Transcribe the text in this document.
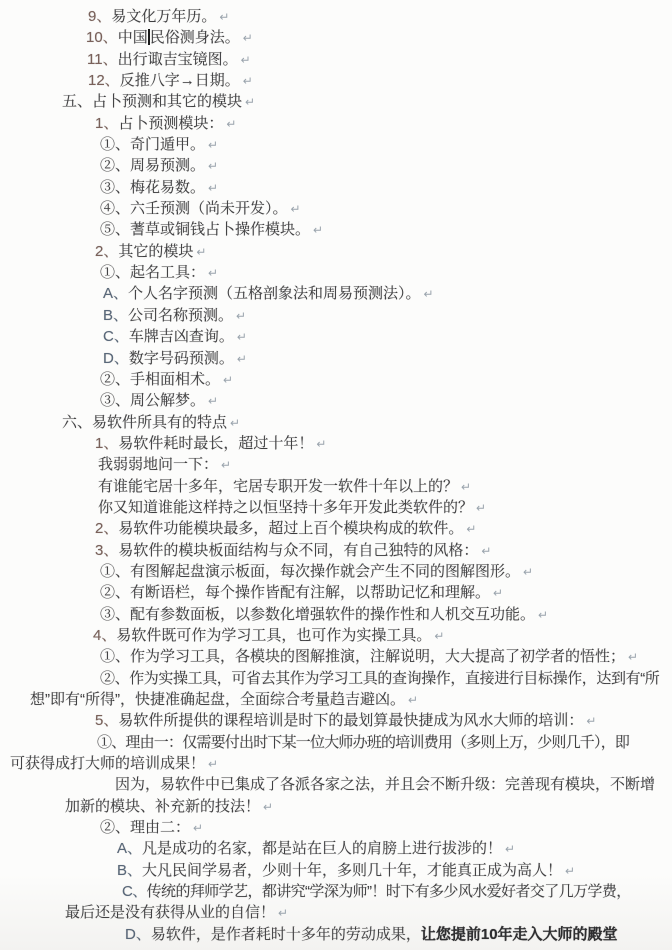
9、易文化万年历。 ↵
10、中国 民俗测身法。 ↵
11、出行诹吉宝镜图。 ↵
12、反推八字→日期。 ↵
五、占卜预测和其它的模块 ↵
1、占卜预测模块： ↵
①、奇门遁甲。 ↵
②、周易预测。 ↵
③、梅花易数。 ↵
④、六壬预测（尚未开发）。 ↵
⑤、蓍草或铜钱占卜操作模块。 ↵
2、其它的模块 ↵
①、起名工具： ↵
A、个人名字预测（五格剖象法和周易预测法）。 ↵
B、公司名称预测。 ↵
C、车牌吉凶查询。 ↵
D、数字号码预测。 ↵
②、手相面相术。 ↵
③、周公解梦。 ↵
六、易软件所具有的特点 ↵
1、易软件耗时最长，超过十年！ ↵
我弱弱地问一下： ↵
有谁能宅居十多年，宅居专职开发一软件十年以上的？ ↵
你又知道谁能这样持之以恒坚持十多年开发此类软件的？ ↵
2、易软件功能模块最多，超过上百个模块构成的软件。 ↵
3、易软件的模块板面结构与众不同，有自己独特的风格： ↵
①、有图解起盘演示板面，每次操作就会产生不同的图解图形。 ↵
②、有断语栏，每个操作皆配有注解，以帮助记忆和理解。 ↵
③、配有参数面板，以参数化增强软件的操作性和人机交互功能。 ↵
4、易软件既可作为学习工具，也可作为实操工具。 ↵
①、作为学习工具，各模块的图解推演，注解说明，大大提高了初学者的悟性； ↵
②、作为实操工具，可省去其作为学习工具的查询操作，直接进行目标操作，达到有“所
想”即有“所得”，快捷准确起盘，全面综合考量趋吉避凶。 ↵
5、易软件所提供的课程培训是时下的最划算最快捷成为风水大师的培训： ↵
①、理由一：仅需要付出时下某一位大师办班的培训费用（多则上万，少则几千），即
可获得成打大师的培训成果！ ↵
因为，易软件中已集成了各派各家之法，并且会不断升级：完善现有模块，不断增
加新的模块、补充新的技法！ ↵
②、理由二： ↵
A、凡是成功的名家，都是站在巨人的肩膀上进行拔涉的！ ↵
B、大凡民间学易者，少则十年，多则几十年，才能真正成为高人！ ↵
C、传统的拜师学艺，都讲究“学深为师”！时下有多少风水爱好者交了几万学费，
最后还是没有获得从业的自信！ ↵
D、易软件，是作者耗时十多年的劳动成果，让您提前10年走入大师的殿堂
